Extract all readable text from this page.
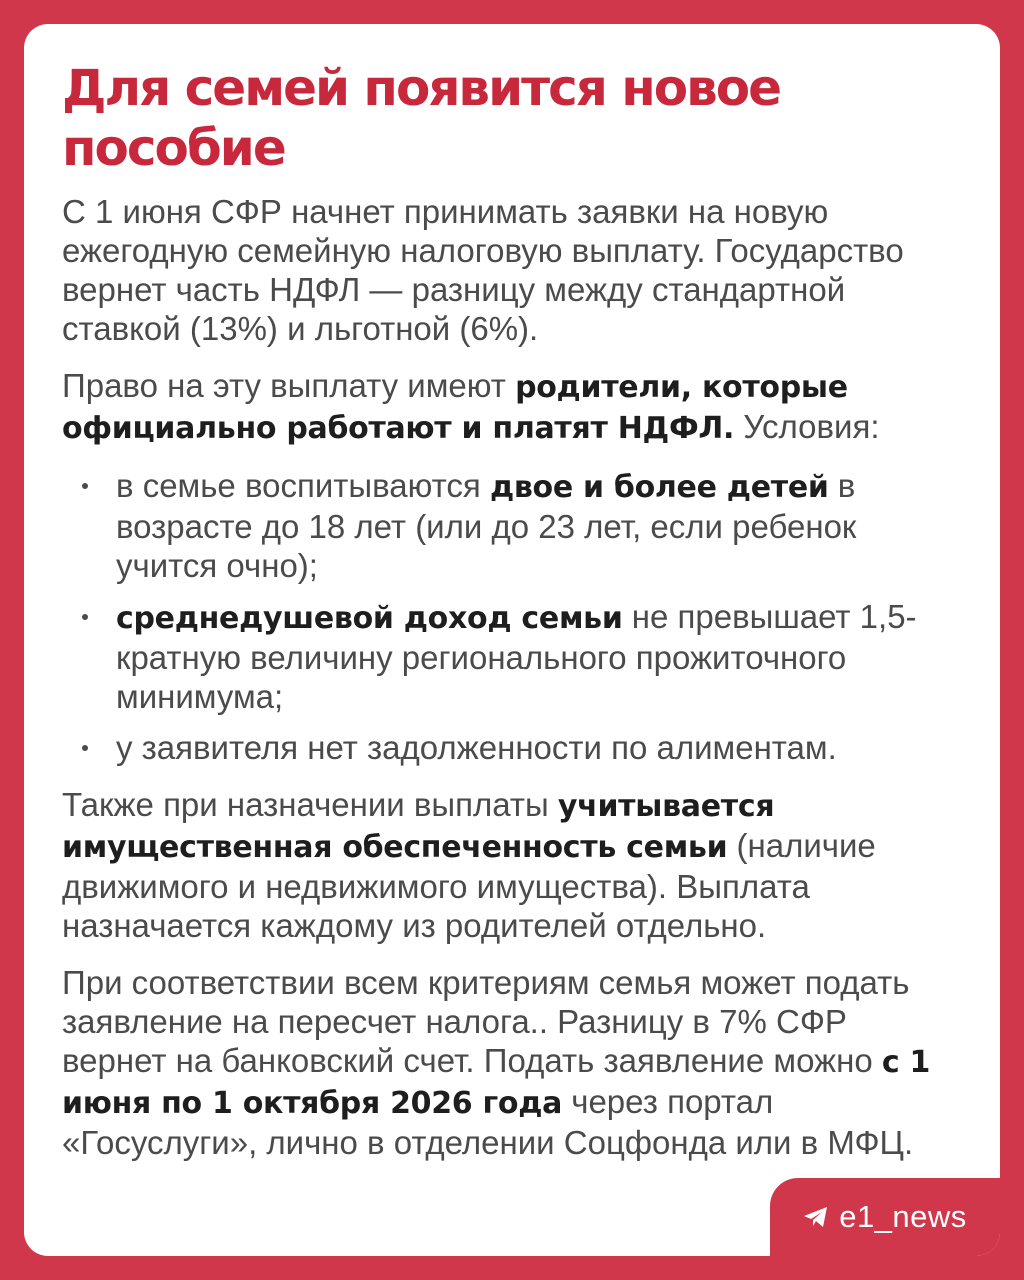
Для семей появится новое пособие

С 1 июня СФР начнет принимать заявки на новую ежегодную семейную налоговую выплату. Государство вернет часть НДФЛ — разницу между стандартной ставкой (13%) и льготной (6%).

Право на эту выплату имеют родители, которые официально работают и платят НДФЛ. Условия:

в семье воспитываются двое и более детей в возрасте до 18 лет (или до 23 лет, если ребенок учится очно);
среднедушевой доход семьи не превышает 1,5-кратную величину регионального прожиточного минимума;
у заявителя нет задолженности по алиментам.

Также при назначении выплаты учитывается имущественная обеспеченность семьи (наличие движимого и недвижимого имущества). Выплата назначается каждому из родителей отдельно.

При соответствии всем критериям семья может подать заявление на пересчет налога.. Разницу в 7% СФР вернет на банковский счет. Подать заявление можно с 1 июня по 1 октября 2026 года через портал «Госуслуги», лично в отделении Соцфонда или в МФЦ.

e1_news
